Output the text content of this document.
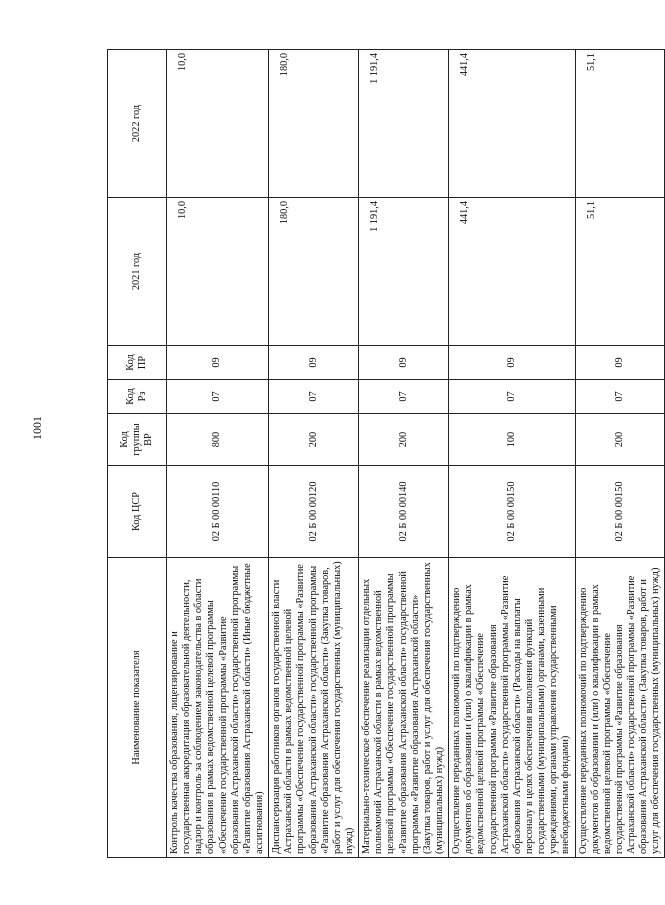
1001
Наименование показателя	Код ЦСР	Код группы ВР	Код Рз	Код ПР	2021 год	2022 год
Контроль качества образования, лицензирование и государственная аккредитация образовательной деятельности, надзор и контроль за соблюдением законодательства в области образования в рамках ведомственной целевой программы «Обеспечение государственной программы «Развитие образования Астраханской области» государственной программы «Развитие образования Астраханской области» (Иные бюджетные ассигнования)	02 Б 00 00110	800	07	09	10,0	10,0
Диспансеризация работников органов государственной власти Астраханской области в рамках ведомственной целевой программы «Обеспечение государственной программы «Развитие образования Астраханской области» государственной программы «Развитие образования Астраханской области» (Закупка товаров, работ и услуг для обеспечения государственных (муниципальных) нужд)	02 Б 00 00120	200	07	09	180,0	180,0
Материально-техническое обеспечение реализации отдельных полномочий Астраханской области в рамках ведомственной целевой программы «Обеспечение государственной программы «Развитие образования Астраханской области» государственной программы «Развитие образования Астраханской области» (Закупка товаров, работ и услуг для обеспечения государственных (муниципальных) нужд)	02 Б 00 00140	200	07	09	1 191,4	1 191,4
Осуществление переданных полномочий по подтверждению документов об образовании и (или) о квалификации в рамках ведомственной целевой программы «Обеспечение государственной программы «Развитие образования Астраханской области» государственной программы «Развитие образования Астраханской области» (Расходы на выплаты персоналу в целях обеспечения выполнения функций государственными (муниципальными) органами, казенными учреждениями, органами управления государственными внебюджетными фондами)	02 Б 00 00150	100	07	09	441,4	441,4
Осуществление переданных полномочий по подтверждению документов об образовании и (или) о квалификации в рамках ведомственной целевой программы «Обеспечение государственной программы «Развитие образования Астраханской области» государственной программы «Развитие образования Астраханской области» (Закупка товаров, работ и услуг для обеспечения государственных (муниципальных) нужд)	02 Б 00 00150	200	07	09	51,1	51,1
